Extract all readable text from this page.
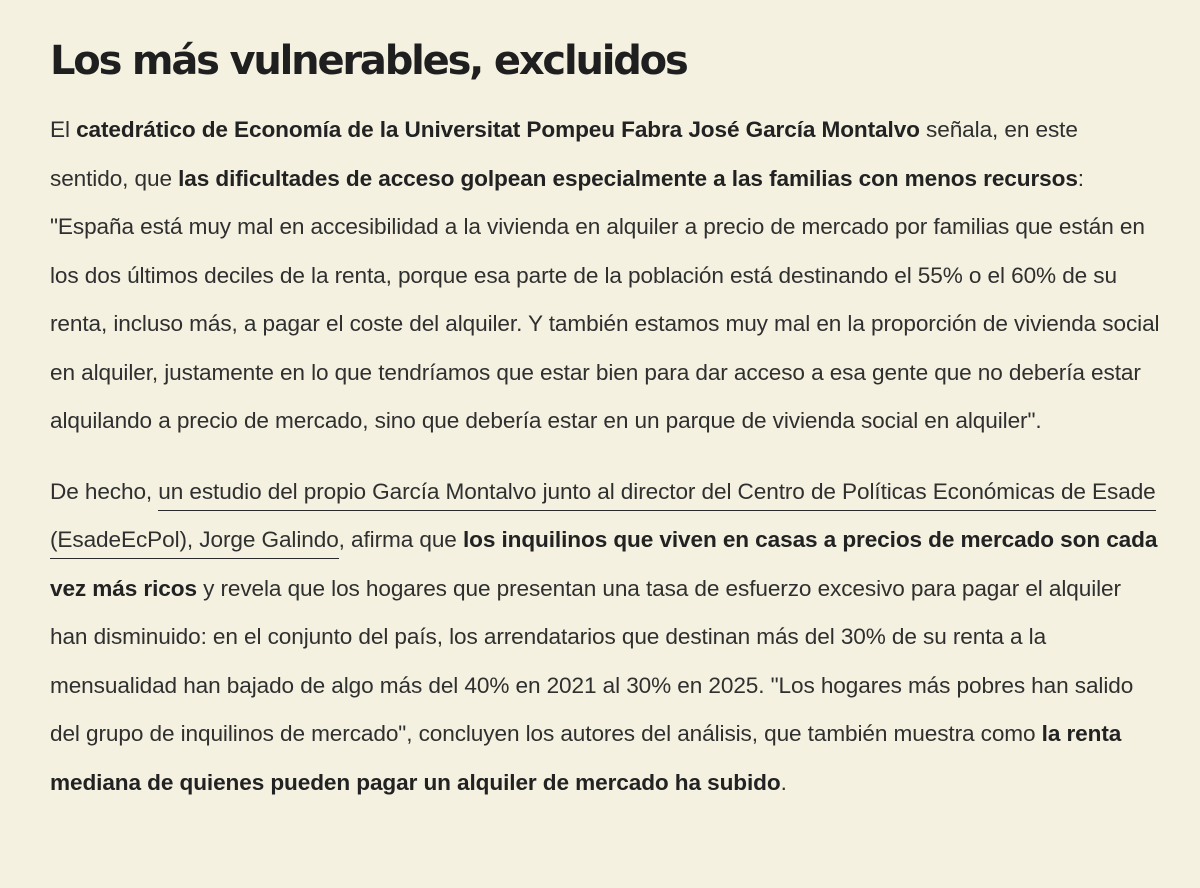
Los más vulnerables, excluidos

El catedrático de Economía de la Universitat Pompeu Fabra José García Montalvo señala, en este sentido, que las dificultades de acceso golpean especialmente a las familias con menos recursos: "España está muy mal en accesibilidad a la vivienda en alquiler a precio de mercado por familias que están en los dos últimos deciles de la renta, porque esa parte de la población está destinando el 55% o el 60% de su renta, incluso más, a pagar el coste del alquiler. Y también estamos muy mal en la proporción de vivienda social en alquiler, justamente en lo que tendríamos que estar bien para dar acceso a esa gente que no debería estar alquilando a precio de mercado, sino que debería estar en un parque de vivienda social en alquiler".

De hecho, un estudio del propio García Montalvo junto al director del Centro de Políticas Económicas de Esade (EsadeEcPol), Jorge Galindo, afirma que los inquilinos que viven en casas a precios de mercado son cada vez más ricos y revela que los hogares que presentan una tasa de esfuerzo excesivo para pagar el alquiler han disminuido: en el conjunto del país, los arrendatarios que destinan más del 30% de su renta a la mensualidad han bajado de algo más del 40% en 2021 al 30% en 2025. "Los hogares más pobres han salido del grupo de inquilinos de mercado", concluyen los autores del análisis, que también muestra como la renta mediana de quienes pueden pagar un alquiler de mercado ha subido.
